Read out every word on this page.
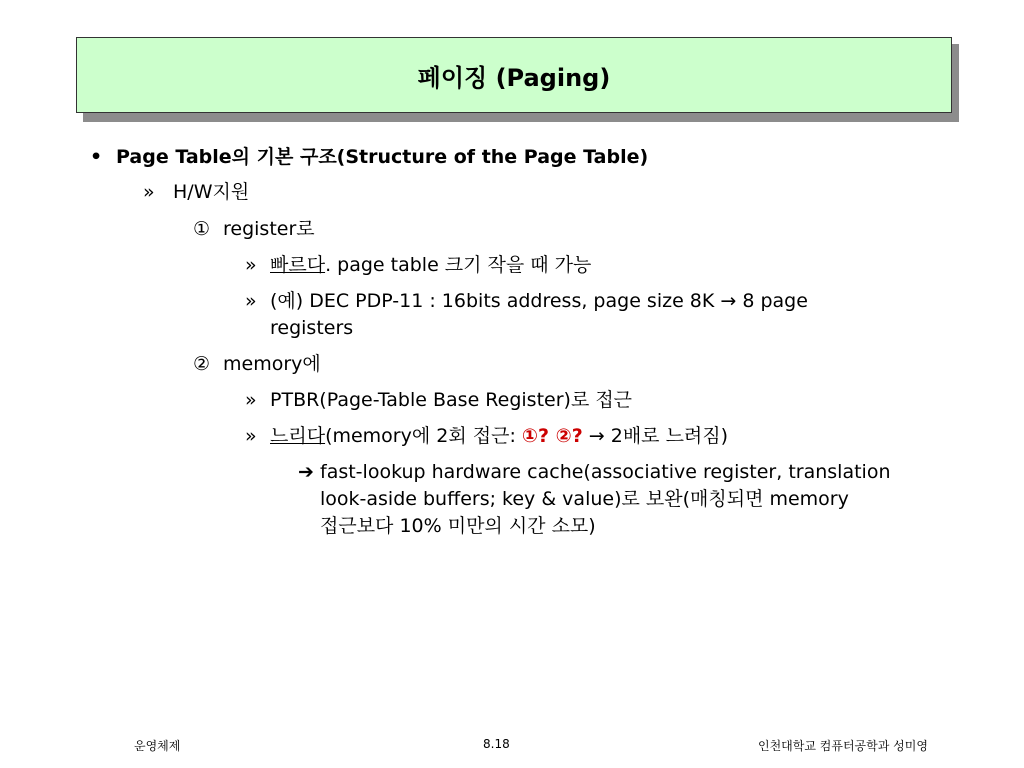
페이징 (Paging)
• Page Table의 기본 구조(Structure of the Page Table)
» H/W지원
① register로
» 빠르다. page table 크기 작을 때 가능
» (예) DEC PDP-11 : 16bits address, page size 8K → 8 page
registers
② memory에
» PTBR(Page-Table Base Register)로 접근
» 느리다(memory에 2회 접근: ①? ②? → 2배로 느려짐)
➔ fast-lookup hardware cache(associative register, translation
look-aside buffers; key & value)로 보완(매칭되면 memory
접근보다 10% 미만의 시간 소모)
운영체제	8.18	인천대학교 컴퓨터공학과 성미영
